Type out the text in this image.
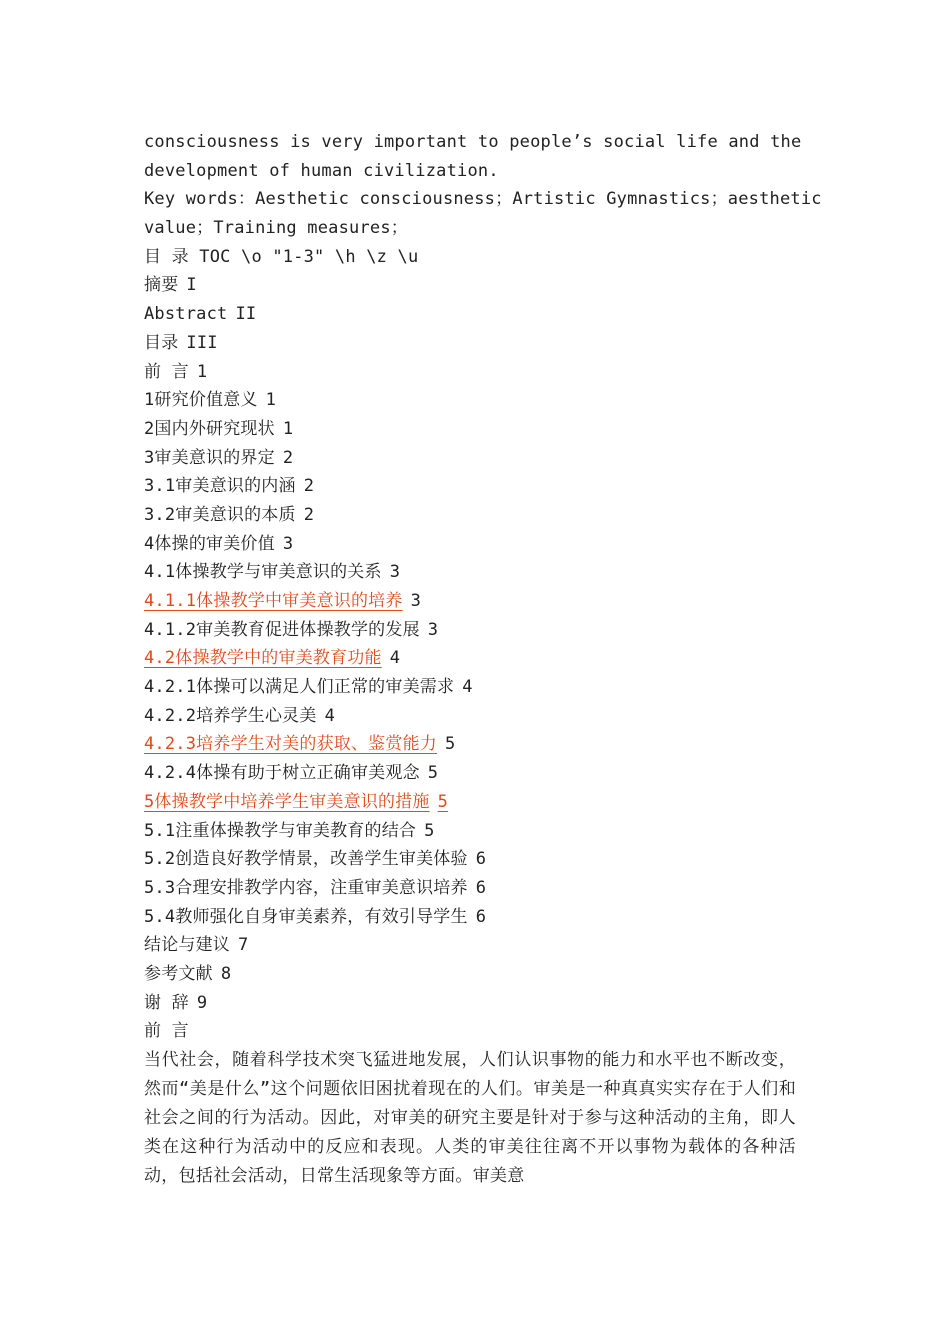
consciousness is very important to people’s social life and the
development of human civilization.
Key words：Aesthetic consciousness；Artistic Gymnastics；aesthetic
value；Training measures；
目 录 TOC \o "1-3" \h \z \u
摘要 I
Abstract II
目录 III
前 言 1
1研究价值意义 1
2国内外研究现状 1
3审美意识的界定 2
3.1审美意识的内涵 2
3.2审美意识的本质 2
4体操的审美价值 3
4.1体操教学与审美意识的关系 3
4.1.1体操教学中审美意识的培养 3
4.1.2审美教育促进体操教学的发展 3
4.2体操教学中的审美教育功能 4
4.2.1体操可以满足人们正常的审美需求 4
4.2.2培养学生心灵美 4
4.2.3培养学生对美的获取、鉴赏能力 5
4.2.4体操有助于树立正确审美观念 5
5体操教学中培养学生审美意识的措施 5
5.1注重体操教学与审美教育的结合 5
5.2创造良好教学情景，改善学生审美体验 6
5.3合理安排教学内容，注重审美意识培养 6
5.4教师强化自身审美素养，有效引导学生 6
结论与建议 7
参考文献 8
谢 辞 9
前 言
当代社会，随着科学技术突飞猛进地发展，人们认识事物的能力和水平也不断改变，然而“美是什么”这个问题依旧困扰着现在的人们。审美是一种真真实实存在于人们和社会之间的行为活动。因此，对审美的研究主要是针对于参与这种活动的主角，即人类在这种行为活动中的反应和表现。人类的审美往往离不开以事物为载体的各种活动，包括社会活动，日常生活现象等方面。审美意
